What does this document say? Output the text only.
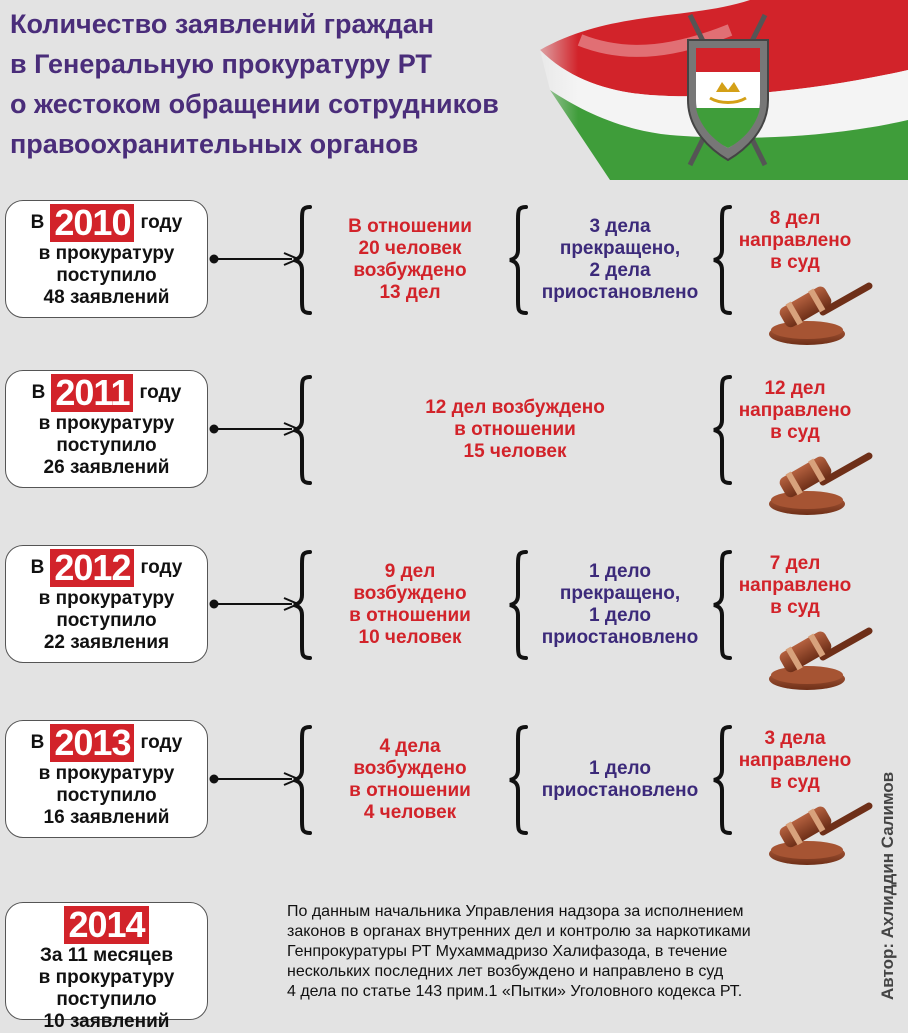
Количество заявлений граждан
в Генеральную прокуратуру РТ
о жестоком обращении сотрудников
правоохранительных органов
В 2010 году
в прокуратуру
поступило
48 заявлений
В отношении
20 человек
возбуждено
13 дел
3 дела
прекращено,
2 дела
приостановлено
8 дел
направлено
в суд
В 2011 году
в прокуратуру
поступило
26 заявлений
12 дел возбуждено
в отношении
15 человек
12 дел
направлено
в суд
В 2012 году
в прокуратуру
поступило
22 заявления
9 дел
возбуждено
в отношении
10 человек
1 дело
прекращено,
1 дело
приостановлено
7 дел
направлено
в суд
В 2013 году
в прокуратуру
поступило
16 заявлений
4 дела
возбуждено
в отношении
4 человек
1 дело
приостановлено
3 дела
направлено
в суд
2014
За 11 месяцев
в прокуратуру
поступило
10 заявлений
По данным начальника Управления надзора за исполнением
законов в органах внутренних дел и контролю за наркотиками
Генпрокуратуры РТ Мухаммадризо Халифазода, в течение
нескольких последних лет возбуждено и направлено в суд
4 дела по статье 143 прим.1 «Пытки» Уголовного кодекса РТ.	Автор: Ахлиддин Салимов
